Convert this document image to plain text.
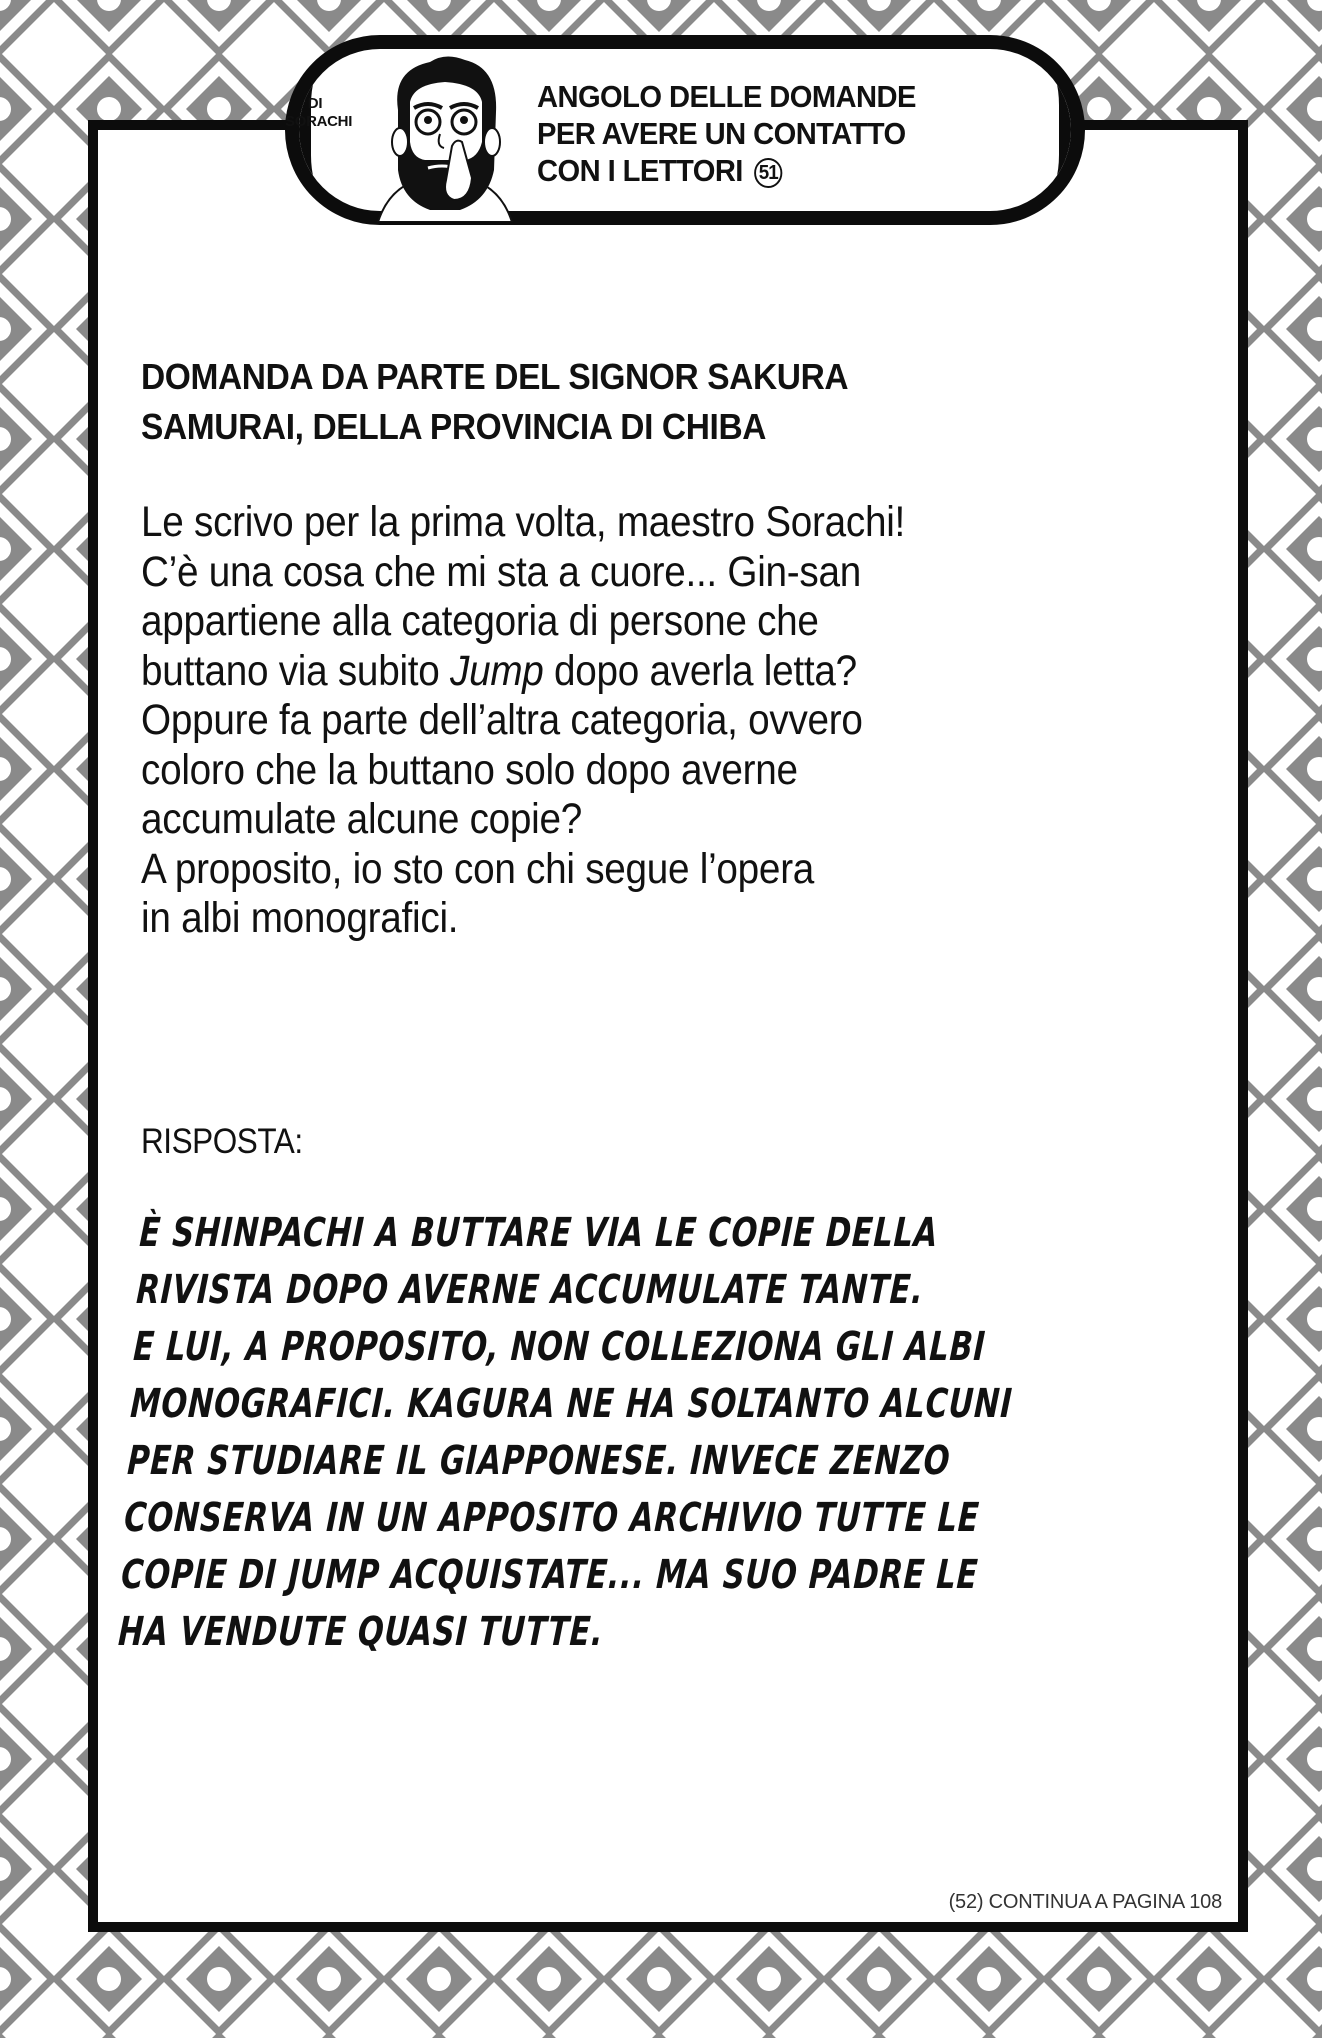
DI
SORACHI
ANGOLO DELLE DOMANDE
PER AVERE UN CONTATTO
CON I LETTORI 51
DOMANDA DA PARTE DEL SIGNOR SAKURA
SAMURAI, DELLA PROVINCIA DI CHIBA
Le scrivo per la prima volta, maestro Sorachi!
C’è una cosa che mi sta a cuore... Gin-san
appartiene alla categoria di persone che
buttano via subito Jump dopo averla letta?
Oppure fa parte dell’altra categoria, ovvero
coloro che la buttano solo dopo averne
accumulate alcune copie?
A proposito, io sto con chi segue l’opera
in albi monografici.
RISPOSTA:
È SHINPACHI A BUTTARE VIA LE COPIE DELLA
RIVISTA DOPO AVERNE ACCUMULATE TANTE.
E LUI, A PROPOSITO, NON COLLEZIONA GLI ALBI
MONOGRAFICI. KAGURA NE HA SOLTANTO ALCUNI
PER STUDIARE IL GIAPPONESE. INVECE ZENZO
CONSERVA IN UN APPOSITO ARCHIVIO TUTTE LE
COPIE DI JUMP ACQUISTATE... MA SUO PADRE LE
HA VENDUTE QUASI TUTTE.
(52) CONTINUA A PAGINA 108
